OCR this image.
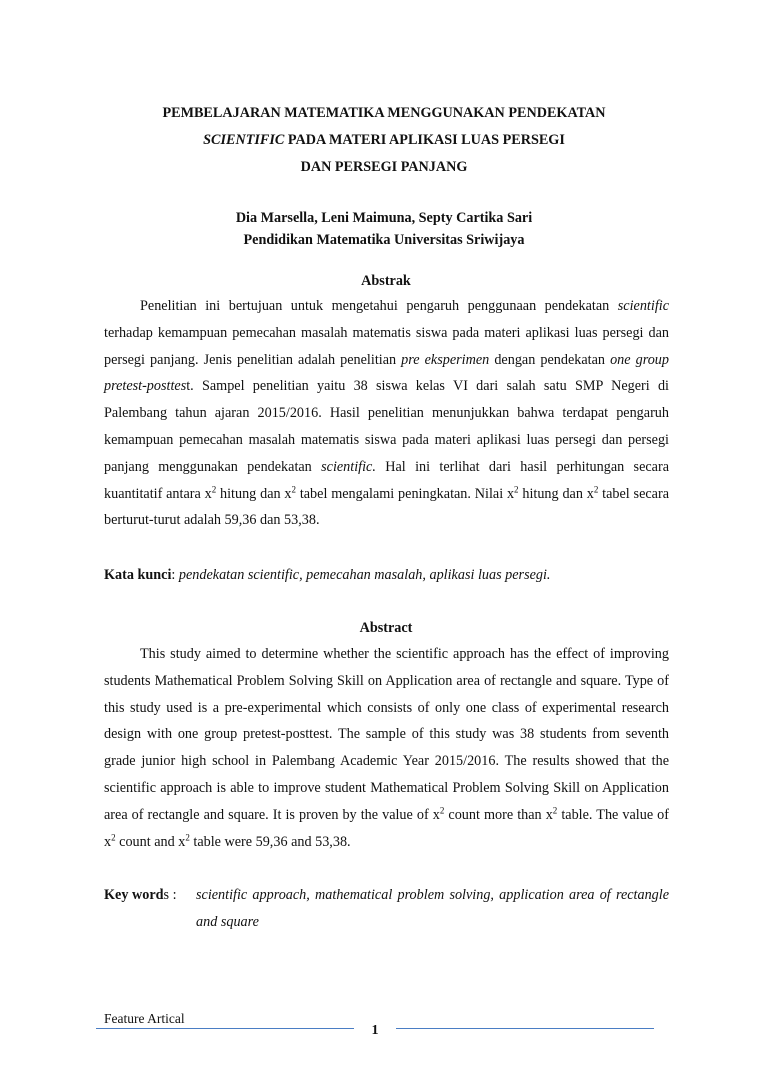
PEMBELAJARAN MATEMATIKA MENGGUNAKAN PENDEKATAN
SCIENTIFIC PADA MATERI APLIKASI LUAS PERSEGI
DAN PERSEGI PANJANG
Dia Marsella, Leni Maimuna, Septy Cartika Sari
Pendidikan Matematika Universitas Sriwijaya
Abstrak

Penelitian ini bertujuan untuk mengetahui pengaruh penggunaan pendekatan scientific terhadap kemampuan pemecahan masalah matematis siswa pada materi aplikasi luas persegi dan persegi panjang. Jenis penelitian adalah penelitian pre eksperimen dengan pendekatan one group pretest-posttest. Sampel penelitian yaitu 38 siswa kelas VI dari salah satu SMP Negeri di Palembang tahun ajaran 2015/2016. Hasil penelitian menunjukkan bahwa terdapat pengaruh kemampuan pemecahan masalah matematis siswa pada materi aplikasi luas persegi dan persegi panjang menggunakan pendekatan scientific. Hal ini terlihat dari hasil perhitungan secara kuantitatif antara $x^2$ hitung dan $x^2$ tabel mengalami peningkatan. Nilai $x^2$ hitung dan $x^2$ tabel secara berturut-turut adalah 59,36 dan 53,38.

Kata kunci: pendekatan scientific, pemecahan masalah, aplikasi luas persegi.
Abstract

This study aimed to determine whether the scientific approach has the effect of improving students Mathematical Problem Solving Skill on Application area of rectangle and square. Type of this study used is a pre-experimental which consists of only one class of experimental research design with one group pretest-posttest. The sample of this study was 38 students from seventh grade junior high school in Palembang Academic Year 2015/2016. The results showed that the scientific approach is able to improve student Mathematical Problem Solving Skill on Application area of rectangle and square. It is proven by the value of $x^2$ count more than $x^2$ table. The value of $x^2$ count and $x^2$ table were 59,36 and 53,38.

Key words : scientific approach, mathematical problem solving, application area of rectangle and square
Feature Artical
1
